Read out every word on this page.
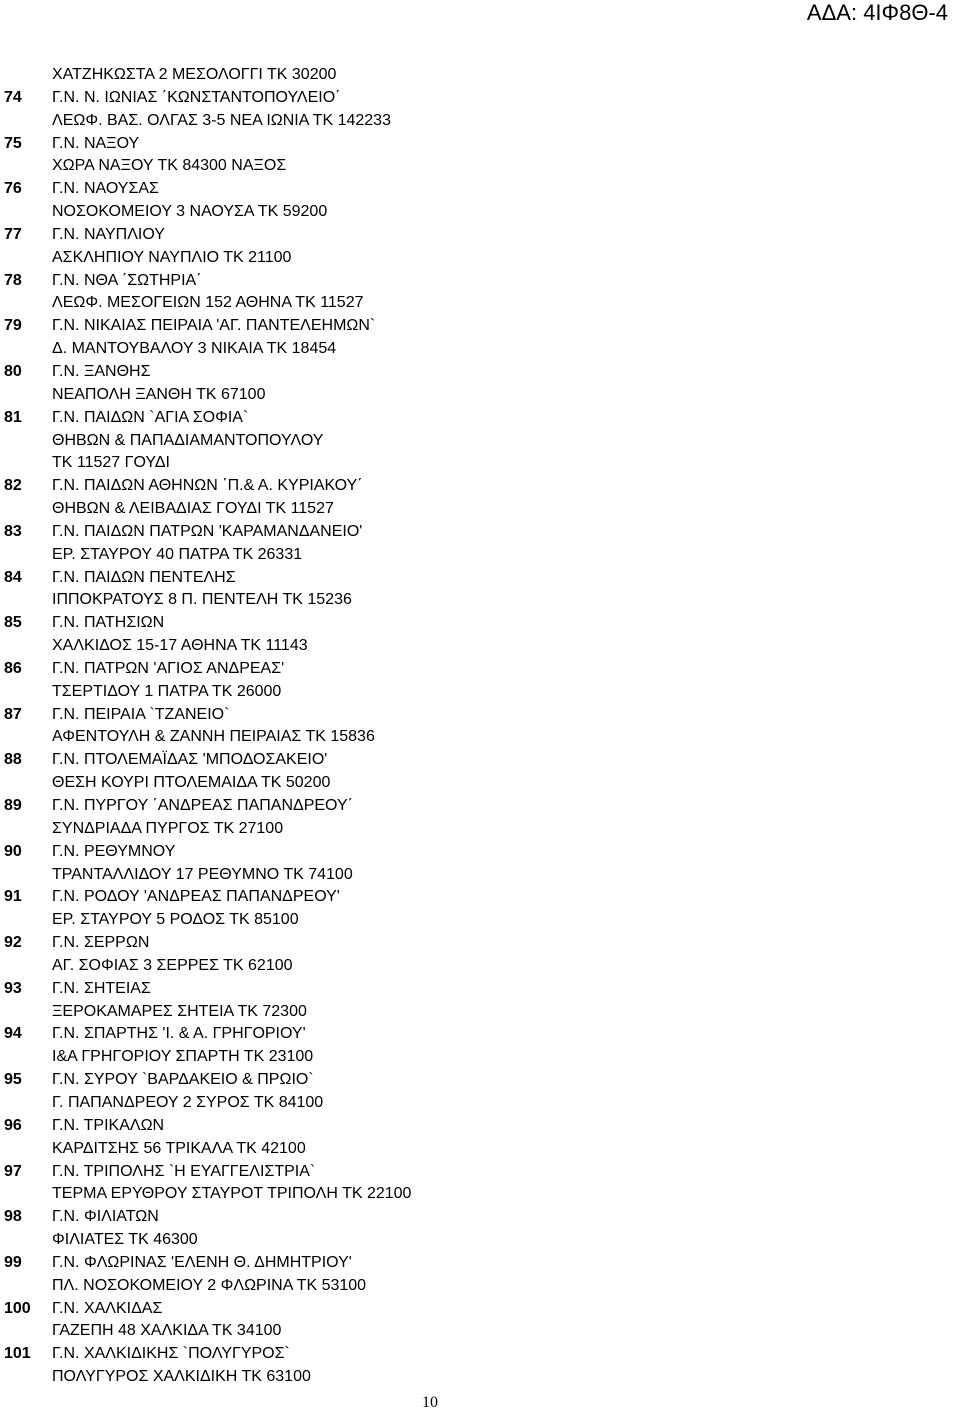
ΑΔΑ: 4ΙΦ8Θ-4
ΧΑΤΖΗΚΩΣΤΑ 2 ΜΕΣΟΛΟΓΓΙ ΤΚ 30200
74 Γ.Ν. Ν. ΙΩΝΙΑΣ ΄ΚΩΝΣΤΑΝΤΟΠΟΥΛΕΙΟ΄
ΛΕΩΦ. ΒΑΣ. ΟΛΓΑΣ 3-5 ΝΕΑ ΙΩΝΙΑ ΤΚ 142233
75 Γ.Ν. ΝΑΞΟΥ
ΧΩΡΑ ΝΑΞΟΥ ΤΚ 84300 ΝΑΞΟΣ
76 Γ.Ν. ΝΑΟΥΣΑΣ
ΝΟΣΟΚΟΜΕΙΟΥ 3 ΝΑΟΥΣΑ ΤΚ 59200
77 Γ.Ν. ΝΑΥΠΛΙΟΥ
ΑΣΚΛΗΠΙΟΥ ΝΑΥΠΛΙΟ ΤΚ 21100
78 Γ.Ν. ΝΘΑ ΄ΣΩΤΗΡΙΑ΄
ΛΕΩΦ. ΜΕΣΟΓΕΙΩΝ 152 ΑΘΗΝΑ ΤΚ 11527
79 Γ.Ν. ΝΙΚΑΙΑΣ ΠΕΙΡΑΙΑ 'ΑΓ. ΠΑΝΤΕΛΕΗΜΩΝ`
Δ. ΜΑΝΤΟΥΒΑΛΟΥ 3 ΝΙΚΑΙΑ ΤΚ 18454
80 Γ.Ν. ΞΑΝΘΗΣ
ΝΕΑΠΟΛΗ ΞΑΝΘΗ ΤΚ 67100
81 Γ.Ν. ΠΑΙΔΩΝ `ΑΓΙΑ ΣΟΦΙΑ`
ΘΗΒΩΝ & ΠΑΠΑΔΙΑΜΑΝΤΟΠΟΥΛΟΥ
ΤΚ 11527 ΓΟΥΔΙ
82 Γ.Ν. ΠΑΙΔΩΝ ΑΘΗΝΩΝ ΄Π.& Α. ΚΥΡΙΑΚΟΥ΄
ΘΗΒΩΝ & ΛΕΙΒΑΔΙΑΣ ΓΟΥΔΙ ΤΚ 11527
83 Γ.Ν. ΠΑΙΔΩΝ ΠΑΤΡΩΝ 'ΚΑΡΑΜΑΝΔΑΝΕΙΟ'
ΕΡ. ΣΤΑΥΡΟΥ 40 ΠΑΤΡΑ ΤΚ 26331
84 Γ.Ν. ΠΑΙΔΩΝ ΠΕΝΤΕΛΗΣ
ΙΠΠΟΚΡΑΤΟΥΣ 8 Π. ΠΕΝΤΕΛΗ ΤΚ 15236
85 Γ.Ν. ΠΑΤΗΣΙΩΝ
ΧΑΛΚΙΔΟΣ 15-17 ΑΘΗΝΑ ΤΚ 11143
86 Γ.Ν. ΠΑΤΡΩΝ 'ΑΓΙΟΣ ΑΝΔΡΕΑΣ'
ΤΣΕΡΤΙΔΟΥ 1 ΠΑΤΡΑ ΤΚ 26000
87 Γ.Ν. ΠΕΙΡΑΙΑ `ΤΖΑΝΕΙΟ`
ΑΦΕΝΤΟΥΛΗ & ΖΑΝΝΗ ΠΕΙΡΑΙΑΣ ΤΚ 15836
88 Γ.Ν. ΠΤΟΛΕΜΑΪΔΑΣ 'ΜΠΟΔΟΣΑΚΕΙΟ'
ΘΕΣΗ ΚΟΥΡΙ ΠΤΟΛΕΜΑΙΔΑ ΤΚ 50200
89 Γ.Ν. ΠΥΡΓΟΥ ΄ΑΝΔΡΕΑΣ ΠΑΠΑΝΔΡΕΟΥ΄
ΣΥΝΔΡΙΑΔΑ ΠΥΡΓΟΣ ΤΚ 27100
90 Γ.Ν. ΡΕΘΥΜΝΟΥ
ΤΡΑΝΤΑΛΛΙΔΟΥ 17 ΡΕΘΥΜΝΟ ΤΚ 74100
91 Γ.Ν. ΡΟΔΟΥ 'ΑΝΔΡΕΑΣ ΠΑΠΑΝΔΡΕΟΥ'
ΕΡ. ΣΤΑΥΡΟΥ 5 ΡΟΔΟΣ ΤΚ 85100
92 Γ.Ν. ΣΕΡΡΩΝ
ΑΓ. ΣΟΦΙΑΣ 3 ΣΕΡΡΕΣ ΤΚ 62100
93 Γ.Ν. ΣΗΤΕΙΑΣ
ΞΕΡΟΚΑΜΑΡΕΣ ΣΗΤΕΙΑ ΤΚ 72300
94 Γ.Ν. ΣΠΑΡΤΗΣ 'Ι. & Α. ΓΡΗΓΟΡΙΟΥ'
Ι&Α ΓΡΗΓΟΡΙΟΥ ΣΠΑΡΤΗ ΤΚ 23100
95 Γ.Ν. ΣΥΡΟΥ `ΒΑΡΔΑΚΕΙΟ & ΠΡΩΙΟ`
Γ. ΠΑΠΑΝΔΡΕΟΥ 2 ΣΥΡΟΣ ΤΚ 84100
96 Γ.Ν. ΤΡΙΚΑΛΩΝ
ΚΑΡΔΙΤΣΗΣ 56 ΤΡΙΚΑΛΑ ΤΚ 42100
97 Γ.Ν. ΤΡΙΠΟΛΗΣ `Η ΕΥΑΓΓΕΛΙΣΤΡΙΑ`
ΤΕΡΜΑ ΕΡΥΘΡΟΥ ΣΤΑΥΡΟΤ ΤΡΙΠΟΛΗ ΤΚ 22100
98 Γ.Ν. ΦΙΛΙΑΤΩΝ
ΦΙΛΙΑΤΕΣ ΤΚ 46300
99 Γ.Ν. ΦΛΩΡΙΝΑΣ 'ΕΛΕΝΗ Θ. ΔΗΜΗΤΡΙΟΥ'
ΠΛ. ΝΟΣΟΚΟΜΕΙΟΥ 2 ΦΛΩΡΙΝΑ ΤΚ 53100
100 Γ.Ν. ΧΑΛΚΙΔΑΣ
ΓΑΖΕΠΗ 48 ΧΑΛΚΙΔΑ ΤΚ 34100
101 Γ.Ν. ΧΑΛΚΙΔΙΚΗΣ `ΠΟΛΥΓΥΡΟΣ`
ΠΟΛΥΓΥΡΟΣ ΧΑΛΚΙΔΙΚΗ ΤΚ 63100
10
